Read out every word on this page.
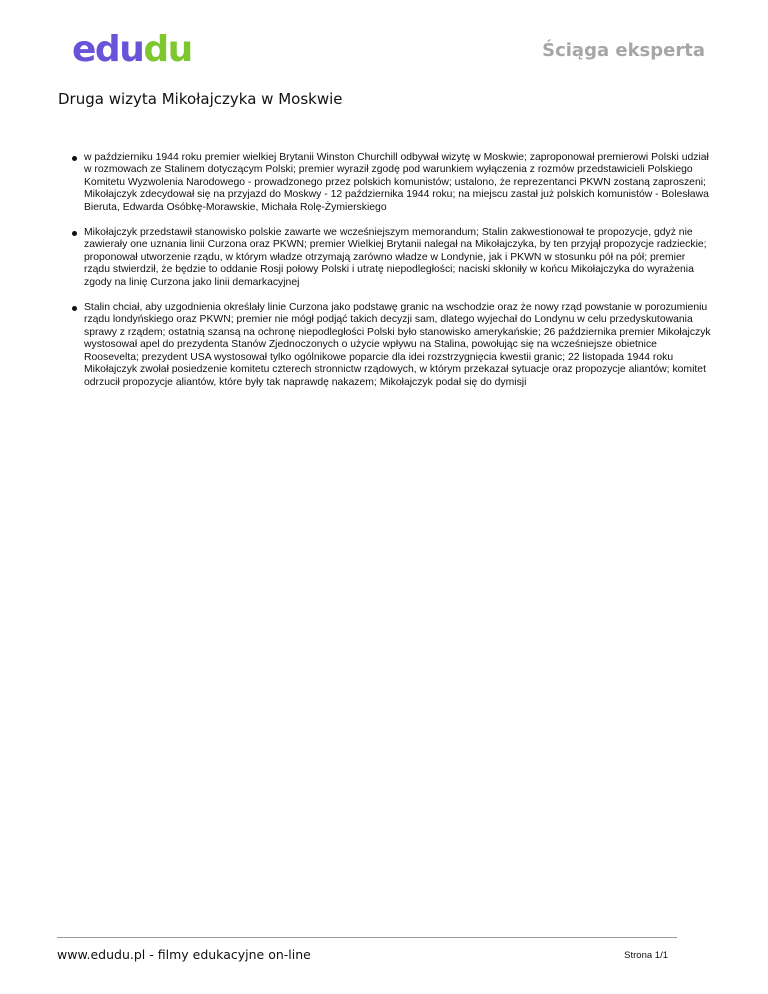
edudu	Ściąga eksperta

Druga wizyta Mikołajczyka w Moskwie
w październiku 1944 roku premier wielkiej Brytanii Winston Churchill odbywał wizytę w Moskwie; zaproponował premierowi Polski udział w rozmowach ze Stalinem dotyczącym Polski; premier wyraził zgodę pod warunkiem wyłączenia z rozmów przedstawicieli Polskiego Komitetu Wyzwolenia Narodowego - prowadzonego przez polskich komunistów; ustalono, że reprezentanci PKWN zostaną zaproszeni; Mikołajczyk zdecydował się na przyjazd do Moskwy - 12 października 1944 roku; na miejscu zastał już polskich komunistów - Bolesława Bieruta, Edwarda Osóbkę-Morawskie, Michała Rolę-Żymierskiego
Mikołajczyk przedstawił stanowisko polskie zawarte we wcześniejszym memorandum; Stalin zakwestionował te propozycje, gdyż nie zawierały one uznania linii Curzona oraz PKWN; premier Wielkiej Brytanii nalegał na Mikołajczyka, by ten przyjął propozycje radzieckie; proponował utworzenie rządu, w którym władze otrzymają zarówno władze w Londynie, jak i PKWN w stosunku pół na pół; premier rządu stwierdził, że będzie to oddanie Rosji połowy Polski i utratę niepodległości; naciski skłoniły w końcu Mikołajczyka do wyrażenia zgody na linię Curzona jako linii demarkacyjnej
Stalin chciał, aby uzgodnienia określały linie Curzona jako podstawę granic na wschodzie oraz że nowy rząd powstanie w porozumieniu rządu londyńskiego oraz PKWN; premier nie mógł podjąć takich decyzji sam, dlatego wyjechał do Londynu w celu przedyskutowania sprawy z rządem; ostatnią szansą na ochronę niepodległości Polski było stanowisko amerykańskie; 26 października premier Mikołajczyk wystosował apel do prezydenta Stanów Zjednoczonych o użycie wpływu na Stalina, powołując się na wcześniejsze obietnice Roosevelta; prezydent USA wystosował tylko ogólnikowe poparcie dla idei rozstrzygnięcia kwestii granic; 22 listopada 1944 roku Mikołajczyk zwołał posiedzenie komitetu czterech stronnictw rządowych, w którym przekazał sytuacje oraz propozycje aliantów; komitet odrzucił propozycje aliantów, które były tak naprawdę nakazem; Mikołajczyk podał się do dymisji

www.edudu.pl - filmy edukacyjne on-line	Strona 1/1
